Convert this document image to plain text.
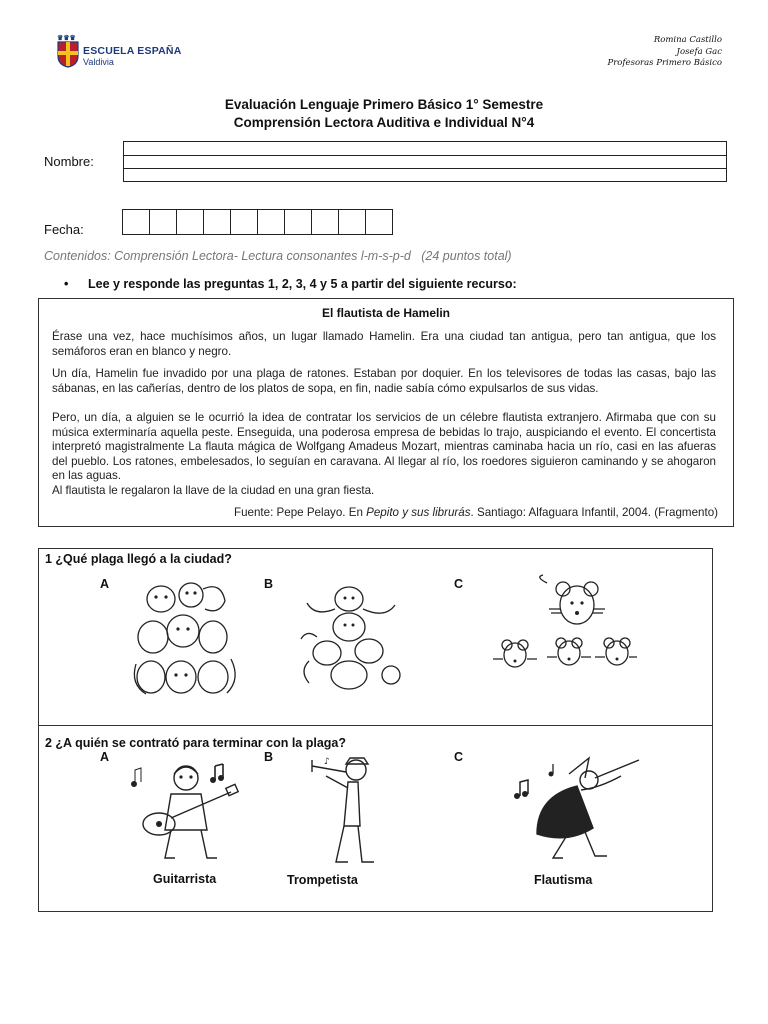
♛♛♛
ESCUELA ESPAÑA
Valdivia
Romina Castillo
Josefa Gac
Profesoras Primero Básico
Evaluación Lenguaje Primero Básico 1° Semestre
Comprensión Lectora Auditiva e Individual N°4
Nombre:
Fecha:
Contenidos: Comprensión Lectora- Lectura consonantes l-m-s-p-d   (24 puntos total)
• Lee y responde las preguntas 1, 2, 3, 4 y 5 a partir del siguiente recurso:
El flautista de Hamelin

Érase una vez, hace muchísimos años, un lugar llamado Hamelin. Era una ciudad tan antigua, pero tan antigua, que los semáforos eran en blanco y negro.

Un día, Hamelin fue invadido por una plaga de ratones. Estaban por doquier. En los televisores de todas las casas, bajo las sábanas, en las cañerías, dentro de los platos de sopa, en fin, nadie sabía cómo expulsarlos de sus vidas.

Pero, un día, a alguien se le ocurrió la idea de contratar los servicios de un célebre flautista extranjero. Afirmaba que con su música exterminaría aquella peste. Enseguida, una poderosa empresa de bebidas lo trajo, auspiciando el evento. El concertista interpretó magistralmente La flauta mágica de Wolfgang Amadeus Mozart, mientras caminaba hacia un río, casi en las afueras del pueblo. Los ratones, embelesados, lo seguían en caravana. Al llegar al río, los roedores siguieron caminando y se ahogaron en las aguas.

Al flautista le regalaron la llave de la ciudad en una gran fiesta.

Fuente: Pepe Pelayo. En Pepito y sus librurás. Santiago: Alfaguara Infantil, 2004. (Fragmento)
1 ¿Qué plaga llegó a la ciudad?
A	B	C
2 ¿A quién se contrató para terminar con la plaga?
A	B	♪	C
Guitarrista	Trompetista	Flautisma
